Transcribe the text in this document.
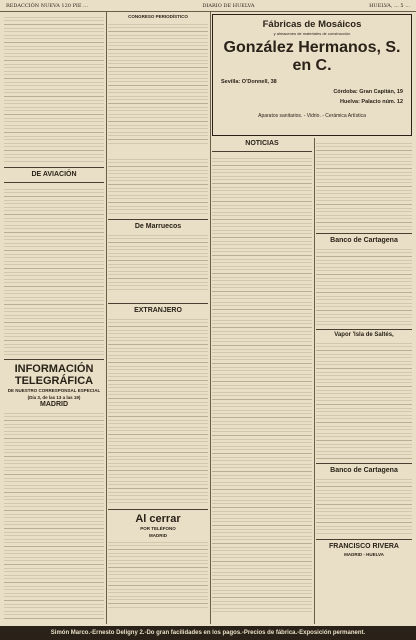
REDACCIÓN NUEVA 120 PIE ...	DIARIO DE HUELVA	HUELVA, ... 5 ...

DE AVIACIÓN

INFORMACIÓN TELEGRÁFICA

DE NUESTRO CORRESPONSAL ESPECIAL

(Día 3, de las 13 a las 19)

MADRID

CONGRESO PERIODÍSTICO

De Marruecos

EXTRANJERO

Al cerrar

POR TELÉFONO

MADRID

Fábricas de Mosáicos
y almacenes de materiales de construcción
González Hermanos, S. en C.
Sevilla: O'Donnell, 38
Córdoba: Gran Capitán, 19
Huelva: Palacio núm. 12
Aparatos sanitarios. - Vidrio. - Cerámica Artística

NOTICIAS

Banco de Cartagena

Vapor 'Isla de Saltés,

Banco de Cartagena

FRANCISCO RIVERA

MADRID - HUELVA

Simón Marco.-Ernesto Deligny 2.-Do gran facilidades en los pagos.-Precios de fábrica.-Exposición permanent.
